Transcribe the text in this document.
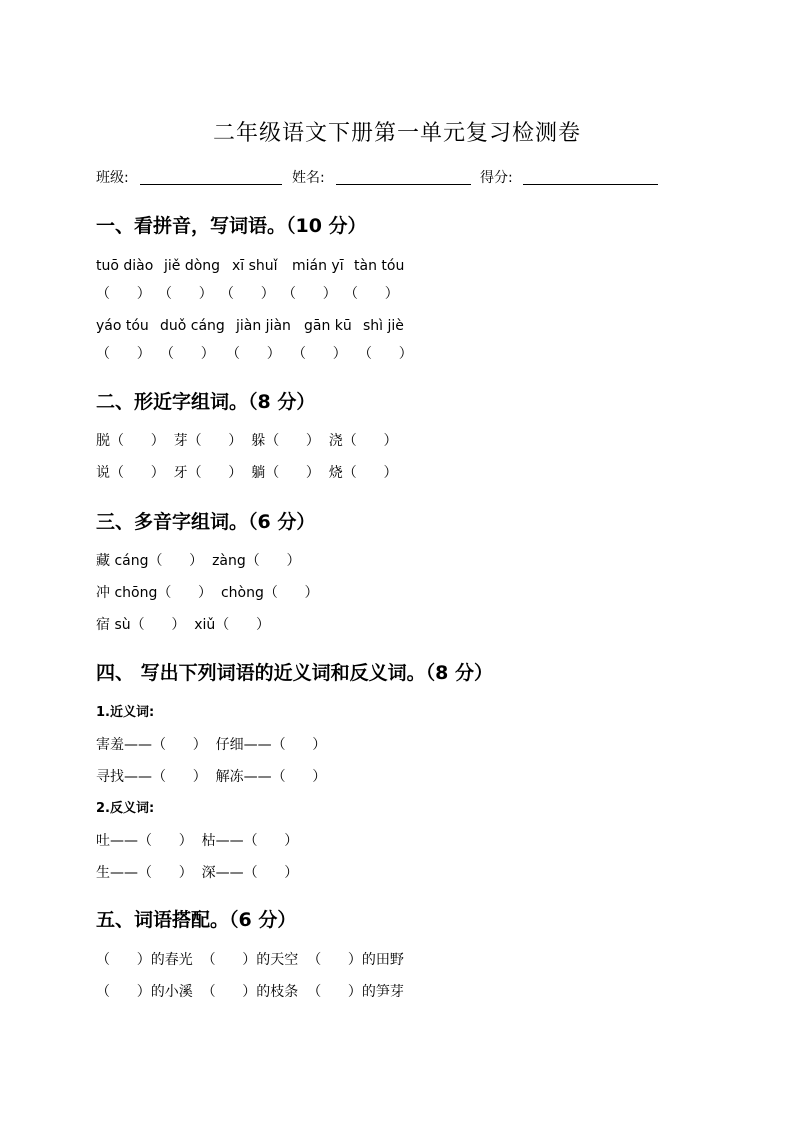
二年级语文下册第一单元复习检测卷
班级:	姓名:	得分:
一、看拼音，写词语。（10 分）

tuō diào

jiě dòng

xī shuǐ

mián yī

tàn tóu

（      ）

（      ）

（      ）

（      ）

（      ）

yáo tóu

duǒ cáng

jiàn jiàn

gān kū

shì jiè

（      ）

（      ）

（      ）

（      ）

（      ）

二、形近字组词。（8 分）
脱（      ）  芽（      ）  躲（      ）  浇（      ）
说（      ）  牙（      ）  躺（      ）  烧（      ）
三、多音字组词。（6 分）
藏 cáng（      ）  zàng（      ）
冲 chōng（      ）  chòng（      ）
宿 sù（      ）  xiǔ（      ）
四、 写出下列词语的近义词和反义词。（8 分）
1.近义词:
害羞——（      ）  仔细——（      ）
寻找——（      ）  解冻——（      ）
2.反义词:
吐——（      ）  枯——（      ）
生——（      ）  深——（      ）
五、词语搭配。（6 分）
（      ）的春光  （      ）的天空  （      ）的田野
（      ）的小溪  （      ）的枝条  （      ）的笋芽
